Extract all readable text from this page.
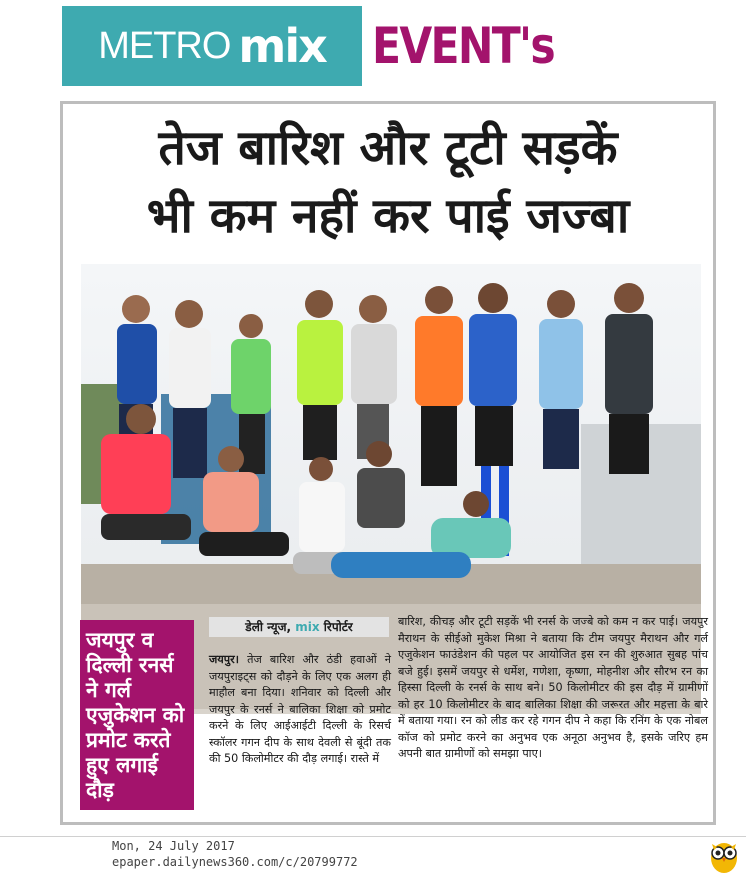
METRO mix EVENT's
तेज बारिश और टूटी सड़कें
भी कम नहीं कर पाई जज्बा
जयपुर व दिल्ली रनर्स ने गर्ल एजुकेशन को प्रमोट करते हुए लगाई दौड़
डेली न्यूज, mix रिपोर्टर
जयपुर। तेज बारिश और ठंडी हवाओं ने जयपुराइट्स को दौड़ने के लिए एक अलग ही माहौल बना दिया। शनिवार को दिल्ली और जयपुर के रनर्स ने बालिका शिक्षा को प्रमोट करने के लिए आईआईटी दिल्ली के रिसर्च स्कॉलर गगन दीप के साथ देवली से बूंदी तक की 50 किलोमीटर की दौड़ लगाई। रास्ते में
बारिश, कीचड़ और टूटी सड़कें भी रनर्स के जज्बे को कम न कर पाई। जयपुर मैराथन के सीईओ मुकेश मिश्रा ने बताया कि टीम जयपुर मैराथन और गर्ल एजुकेशन फाउंडेशन की पहल पर आयोजित इस रन की शुरुआत सुबह पांच बजे हुई। इसमें जयपुर से धर्मेश, गणेशा, कृष्णा, मोहनीश और सौरभ रन का हिस्सा दिल्ली के रनर्स के साथ बने। 50 किलोमीटर की इस दौड़ में ग्रामीणों को हर 10 किलोमीटर के बाद बालिका शिक्षा की जरूरत और महत्ता के बारे में बताया गया। रन को लीड कर रहे गगन दीप ने कहा कि रनिंग के एक नोबल कॉज को प्रमोट करने का अनुभव एक अनूठा अनुभव है, इसके जरिए हम अपनी बात ग्रामीणों को समझा पाए।
Mon, 24 July 2017
epaper.dailynews360.com/c/20799772
